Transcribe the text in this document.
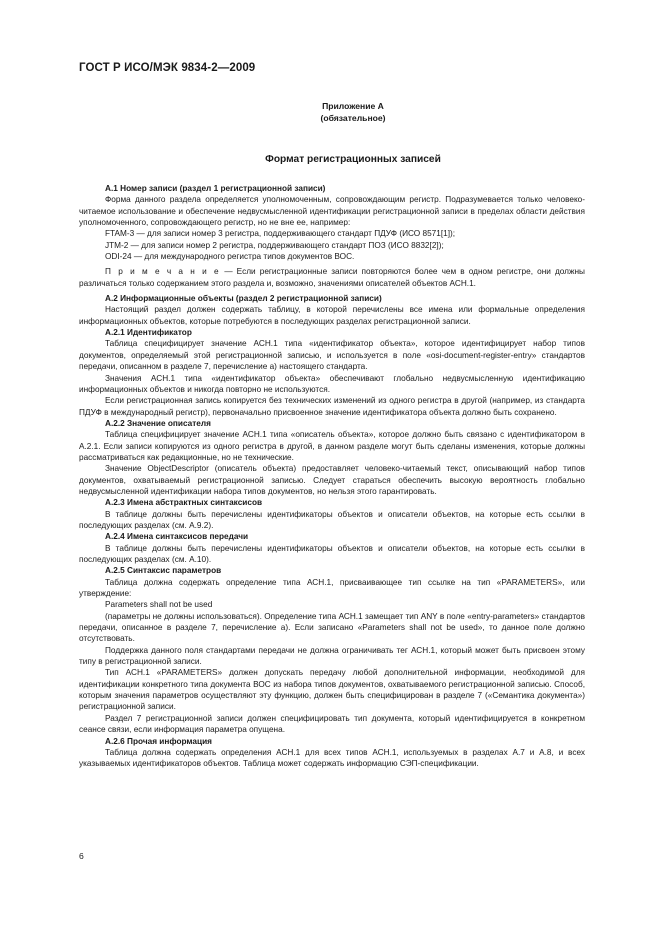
ГОСТ Р ИСО/МЭК 9834-2—2009
Приложение А
(обязательное)
Формат регистрационных записей

А.1 Номер записи (раздел 1 регистрационной записи)

Форма данного раздела определяется уполномоченным, сопровождающим регистр. Подразумевается только человеко-читаемое использование и обеспечение недвусмысленной идентификации регистрационной записи в пределах области действия уполномоченного, сопровождающего регистр, но не вне ее, например:

FTAM-3 — для записи номер 3 регистра, поддерживающего стандарт ПДУФ (ИСО 8571[1]);

JTM-2 — для записи номер 2 регистра, поддерживающего стандарт ПОЗ (ИСО 8832[2]);

ODI-24 — для международного регистра типов документов ВОС.

П р и м е ч а н и е — Если регистрационные записи повторяются более чем в одном регистре, они должны различаться только содержанием этого раздела и, возможно, значениями описателей объектов АСН.1.

А.2 Информационные объекты (раздел 2 регистрационной записи)

Настоящий раздел должен содержать таблицу, в которой перечислены все имена или формальные определения информационных объектов, которые потребуются в последующих разделах регистрационной записи.

А.2.1 Идентификатор

Таблица специфицирует значение АСН.1 типа «идентификатор объекта», которое идентифицирует набор типов документов, определяемый этой регистрационной записью, и используется в поле «osi-document-register-entry» стандартов передачи, описанном в разделе 7, перечисление а) настоящего стандарта.

Значения АСН.1 типа «идентификатор объекта» обеспечивают глобально недвусмысленную идентификацию информационных объектов и никогда повторно не используются.

Если регистрационная запись копируется без технических изменений из одного регистра в другой (например, из стандарта ПДУФ в международный регистр), первоначально присвоенное значение идентификатора объекта должно быть сохранено.

А.2.2 Значение описателя

Таблица специфицирует значение АСН.1 типа «описатель объекта», которое должно быть связано с идентификатором в А.2.1. Если записи копируются из одного регистра в другой, в данном разделе могут быть сделаны изменения, которые должны рассматриваться как редакционные, но не технические.

Значение ObjectDescriptor (описатель объекта) предоставляет человеко-читаемый текст, описывающий набор типов документов, охватываемый регистрационной записью. Следует стараться обеспечить высокую вероятность глобально недвусмысленной идентификации набора типов документов, но нельзя этого гарантировать.

А.2.3 Имена абстрактных синтаксисов

В таблице должны быть перечислены идентификаторы объектов и описатели объектов, на которые есть ссылки в последующих разделах (см. А.9.2).

А.2.4 Имена синтаксисов передачи

В таблице должны быть перечислены идентификаторы объектов и описатели объектов, на которые есть ссылки в последующих разделах (см. А.10).

А.2.5 Синтаксис параметров

Таблица должна содержать определение типа АСН.1, присваивающее тип ссылке на тип «PARAMETERS», или утверждение:

Parameters shall not be used

(параметры не должны использоваться). Определение типа АСН.1 замещает тип ANY в поле «entry-parameters» стандартов передачи, описанное в разделе 7, перечисление а). Если записано «Parameters shall not be used», то данное поле должно отсутствовать.

Поддержка данного поля стандартами передачи не должна ограничивать тег АСН.1, который может быть присвоен этому типу в регистрационной записи.

Тип АСН.1 «PARAMETERS» должен допускать передачу любой дополнительной информации, необходимой для идентификации конкретного типа документа ВОС из набора типов документов, охватываемого регистрационной записью. Способ, которым значения параметров осуществляют эту функцию, должен быть специфицирован в разделе 7 («Семантика документа») регистрационной записи.

Раздел 7 регистрационной записи должен специфицировать тип документа, который идентифицируется в конкретном сеансе связи, если информация параметра опущена.

А.2.6 Прочая информация

Таблица должна содержать определения АСН.1 для всех типов АСН.1, используемых в разделах А.7 и А.8, и всех указываемых идентификаторов объектов. Таблица может содержать информацию СЭП-спецификации.

6
